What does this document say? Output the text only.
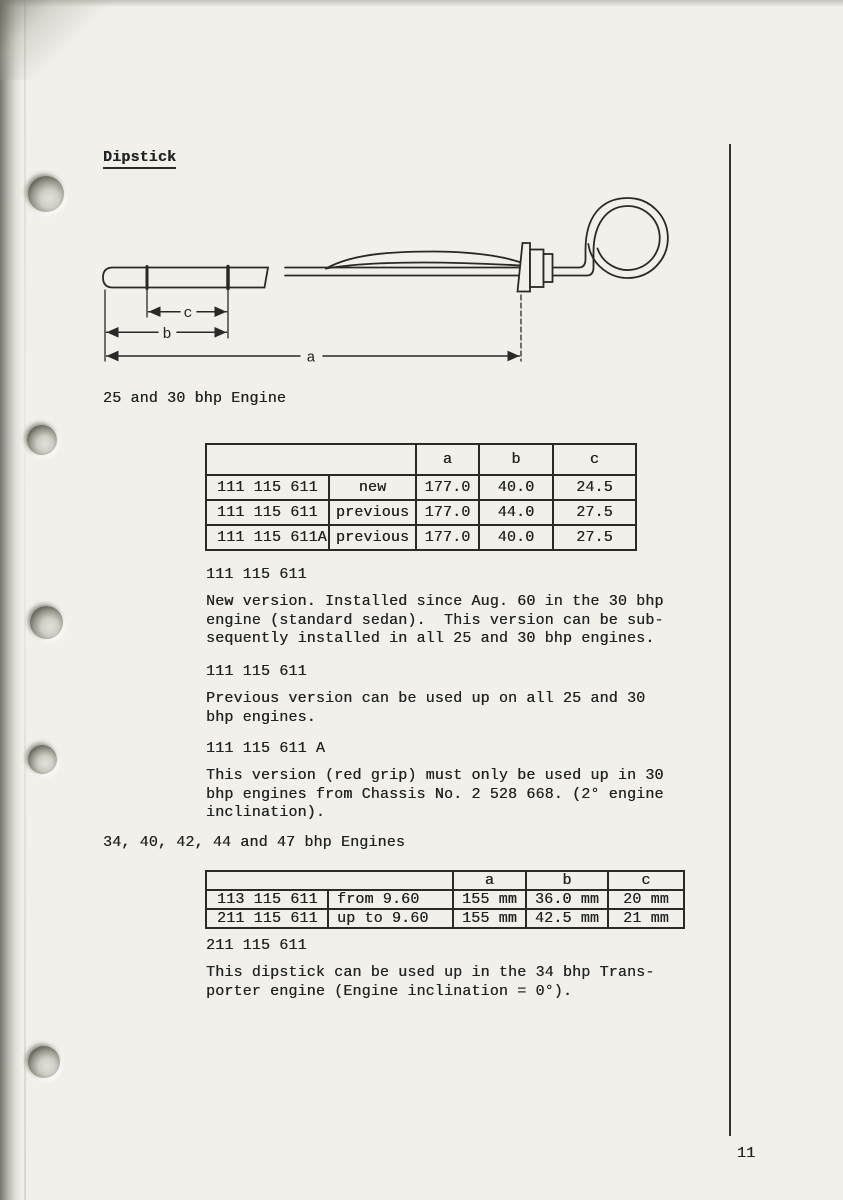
Dipstick
c
b
a
25 and 30 bhp Engine
		a	b	c
111 115 611	new	177.0	40.0	24.5
111 115 611	previous	177.0	44.0	27.5
111 115 611A	previous	177.0	40.0	27.5
111 115 611
New version. Installed since Aug. 60 in the 30 bhp
engine (standard sedan).  This version can be sub-
sequently installed in all 25 and 30 bhp engines.
111 115 611
Previous version can be used up on all 25 and 30
bhp engines.
111 115 611 A
This version (red grip) must only be used up in 30
bhp engines from Chassis No. 2 528 668. (2° engine
inclination).
34, 40, 42, 44 and 47 bhp Engines
		a	b	c
113 115 611	from 9.60	155 mm	36.0 mm	20 mm
211 115 611	up to 9.60	155 mm	42.5 mm	21 mm
211 115 611
This dipstick can be used up in the 34 bhp Trans-
porter engine (Engine inclination = 0°).
11
